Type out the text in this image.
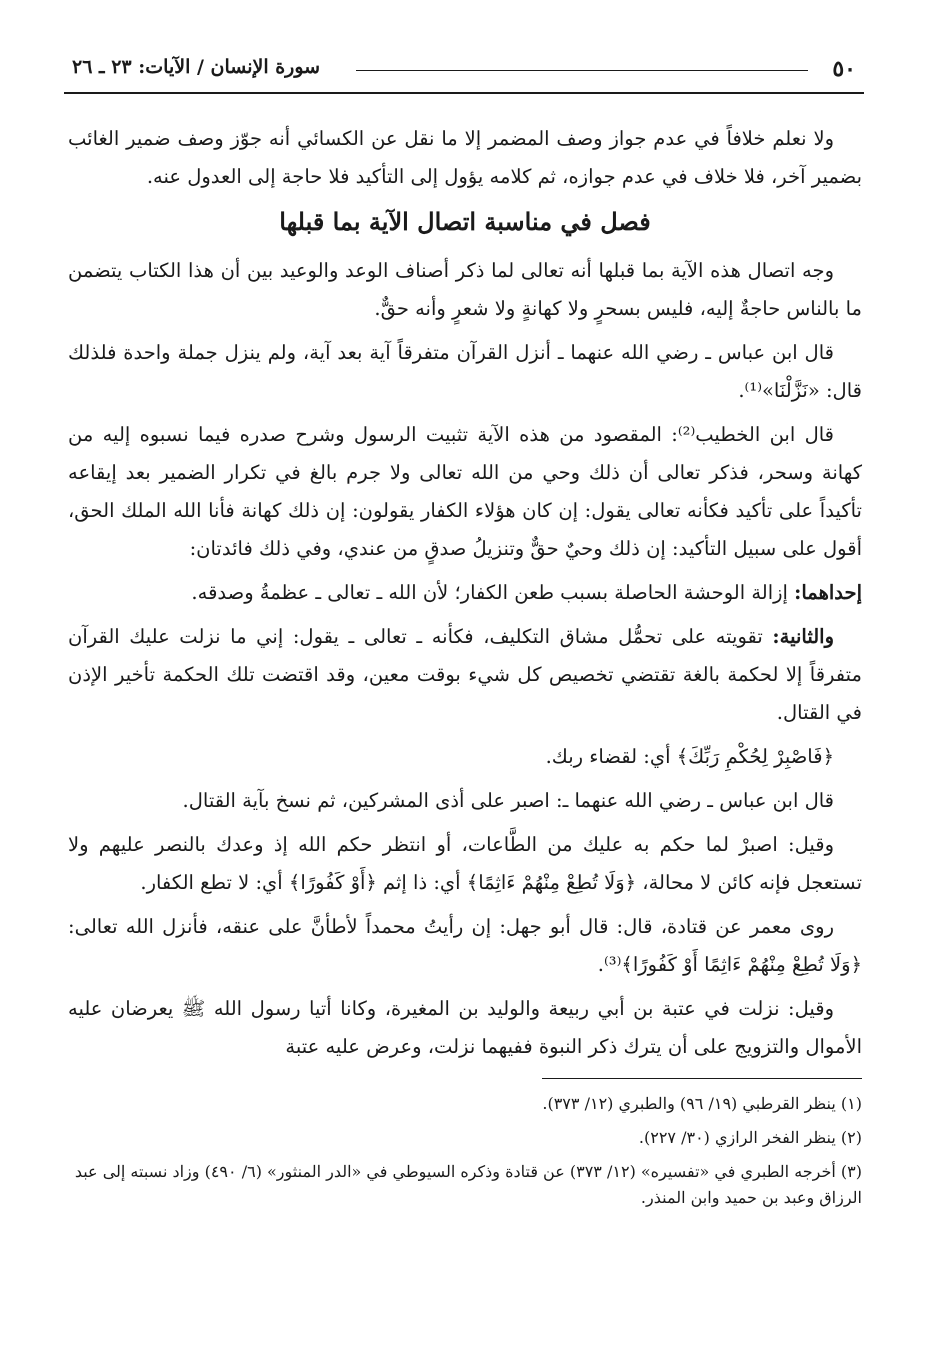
٥٠
سورة الإنسان / الآيات: ٢٣ ـ ٢٦

ولا نعلم خلافاً في عدم جواز وصف المضمر إلا ما نقل عن الكسائي أنه جوّز وصف ضمير الغائب بضمير آخر، فلا خلاف في عدم جوازه، ثم كلامه يؤول إلى التأكيد فلا حاجة إلى العدول عنه.

فصل في مناسبة اتصال الآية بما قبلها

وجه اتصال هذه الآية بما قبلها أنه تعالى لما ذكر أصناف الوعد والوعيد بين أن هذا الكتاب يتضمن ما بالناس حاجةٌ إليه، فليس بسحرٍ ولا كهانةٍ ولا شعرٍ وأنه حقٌّ.

قال ابن عباس ـ رضي الله عنهما ـ أنزل القرآن متفرقاً آية بعد آية، ولم ينزل جملة واحدة فلذلك قال: «نَزَّلْنَا»⁽¹⁾.

قال ابن الخطيب⁽²⁾: المقصود من هذه الآية تثبيت الرسول وشرح صدره فيما نسبوه إليه من كهانة وسحر، فذكر تعالى أن ذلك وحي من الله تعالى ولا جرم بالغ في تكرار الضمير بعد إيقاعه تأكيداً على تأكيد فكأنه تعالى يقول: إن كان هؤلاء الكفار يقولون: إن ذلك كهانة فأنا الله الملك الحق، أقول على سبيل التأكيد: إن ذلك وحيٌ حقٌّ وتنزيلُ صدقٍ من عندي، وفي ذلك فائدتان:

إحداهما: إزالة الوحشة الحاصلة بسبب طعن الكفار؛ لأن الله ـ تعالى ـ عظمةُ وصدقه.

والثانية: تقويته على تحمُّل مشاق التكليف، فكأنه ـ تعالى ـ يقول: إني ما نزلت عليك القرآن متفرقاً إلا لحكمة بالغة تقتضي تخصيص كل شيء بوقت معين، وقد اقتضت تلك الحكمة تأخير الإذن في القتال.

﴿فَاصْبِرْ لِحُكْمِ رَبِّكَ﴾ أي: لقضاء ربك.

قال ابن عباس ـ رضي الله عنهما ـ: اصبر على أذى المشركين، ثم نسخ بآية القتال.

وقيل: اصبرْ لما حكم به عليك من الطَّاعات، أو انتظر حكم الله إذ وعدك بالنصر عليهم ولا تستعجل فإنه كائن لا محالة، ﴿وَلَا تُطِعْ مِنْهُمْ ءَاثِمًا﴾ أي: ذا إثم ﴿أَوْ كَفُورًا﴾ أي: لا تطع الكفار.

روى معمر عن قتادة، قال: قال أبو جهل: إن رأيتُ محمداً لأطأنَّ على عنقه، فأنزل الله تعالى: ﴿وَلَا تُطِعْ مِنْهُمْ ءَاثِمًا أَوْ كَفُورًا﴾⁽³⁾.

وقيل: نزلت في عتبة بن أبي ربيعة والوليد بن المغيرة، وكانا أتيا رسول الله ﷺ يعرضان عليه الأموال والتزويج على أن يترك ذكر النبوة ففيهما نزلت، وعرض عليه عتبة

(١) ينظر القرطبي (١٩/ ٩٦) والطبري (١٢/ ٣٧٣).

(٢) ينظر الفخر الرازي (٣٠/ ٢٢٧).

(٣) أخرجه الطبري في «تفسيره» (١٢/ ٣٧٣) عن قتادة وذكره السيوطي في «الدر المنثور» (٦/ ٤٩٠) وزاد نسبته إلى عبد الرزاق وعبد بن حميد وابن المنذر.
